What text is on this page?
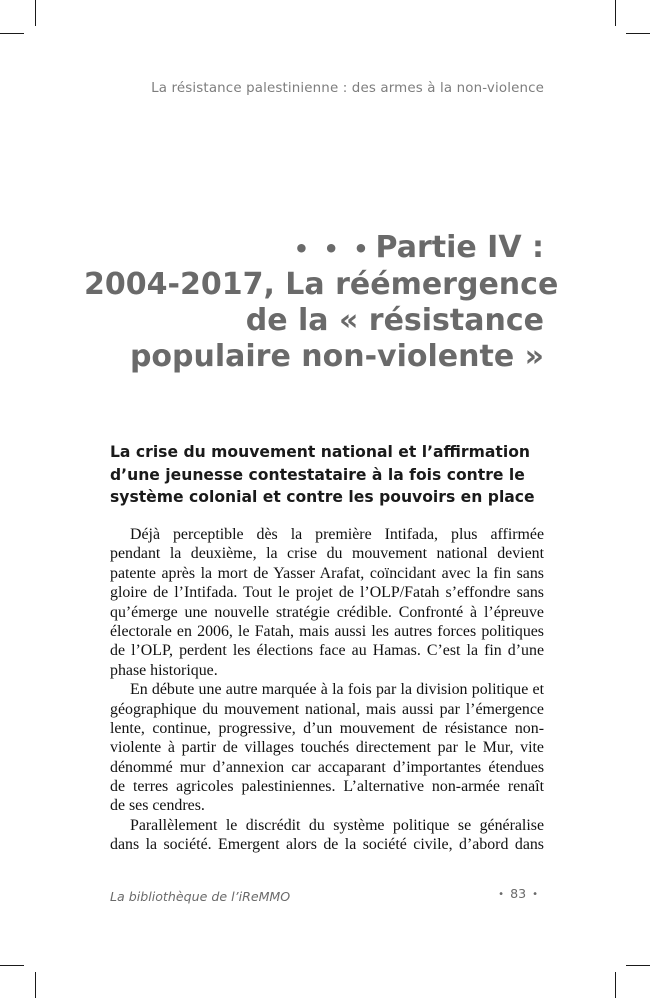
La résistance palestinienne : des armes à la non-violence
• • • Partie IV :
2004-2017, La réémergence
de la « résistance
populaire non-violente »
La crise du mouvement national et l’affirmation
d’une jeunesse contestataire à la fois contre le
système colonial et contre les pouvoirs en place
Déjà perceptible dès la première Intifada, plus affirmée
pendant la deuxième, la crise du mouvement national devient
patente après la mort de Yasser Arafat, coïncidant avec la fin sans
gloire de l’Intifada. Tout le projet de l’OLP/Fatah s’effondre sans
qu’émerge une nouvelle stratégie crédible. Confronté à l’épreuve
électorale en 2006, le Fatah, mais aussi les autres forces politiques
de l’OLP, perdent les élections face au Hamas. C’est la fin d’une
phase historique.
En débute une autre marquée à la fois par la division politique et
géographique du mouvement national, mais aussi par l’émergence
lente, continue, progressive, d’un mouvement de résistance non-
violente à partir de villages touchés directement par le Mur, vite
dénommé mur d’annexion car accaparant d’importantes étendues
de terres agricoles palestiniennes. L’alternative non-armée renaît
de ses cendres.
Parallèlement le discrédit du système politique se généralise
dans la société. Emergent alors de la société civile, d’abord dans
La bibliothèque de l’iReMMO	• 83 •
